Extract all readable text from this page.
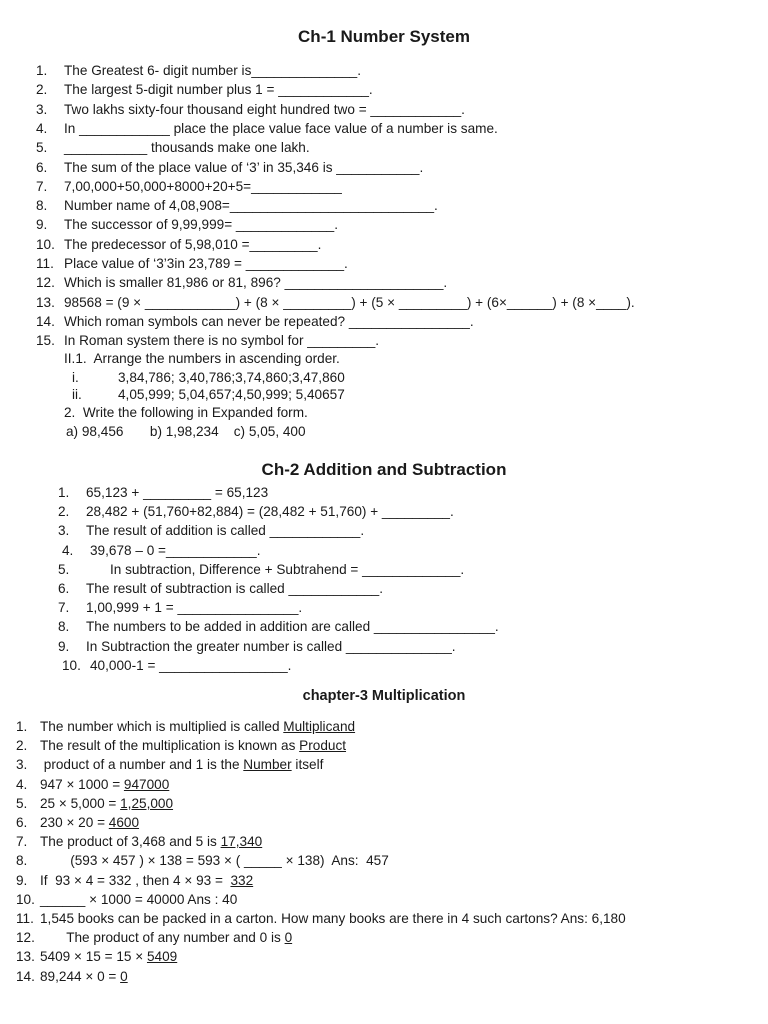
Ch-1 Number System
1. The Greatest 6- digit number is______________.
2. The largest 5-digit number plus 1 = ____________.
3. Two lakhs sixty-four thousand eight hundred two = ____________.
4. In ____________ place the place value face value of a number is same.
5. ___________ thousands make one lakh.
6. The sum of the place value of ‘3’ in 35,346 is ___________.
7. 7,00,000+50,000+8000+20+5=____________
8. Number name of 4,08,908=___________________________.
9. The successor of 9,99,999= _____________.
10. The predecessor of 5,98,010 =_________.
11. Place value of ‘3’3in 23,789 = _____________.
12. Which is smaller 81,986 or 81, 896? _____________________.
13. 98568 = (9 × ____________) + (8 × _________) + (5 × _________) + (6×______) + (8 ×____).
14. Which roman symbols can never be repeated? ________________.
15. In Roman system there is no symbol for _________.
II.1.  Arrange the numbers in ascending order.
i.	3,84,786; 3,40,786;3,74,860;3,47,860
ii.	4,05,999; 5,04,657;4,50,999; 5,40657
2.  Write the following in Expanded form.
a) 98,456       b) 1,98,234    c) 5,05, 400
Ch-2 Addition and Subtraction
1. 65,123 + _________ = 65,123
2. 28,482 + (51,760+82,884) = (28,482 + 51,760) + _________.
3. The result of addition is called ____________.
4. 39,678 – 0 =____________.
5.	In subtraction, Difference + Subtrahend = _____________.
6. The result of subtraction is called ____________.
7. 1,00,999 + 1 = ________________.
8. The numbers to be added in addition are called ________________.
9. In Subtraction the greater number is called ______________.
10. 40,000-1 = _________________.
chapter-3 Multiplication
1. The number which is multiplied is called Multiplicand
2. The result of the multiplication is known as Product
3. product of a number and 1 is the Number itself
4. 947 × 1000 = 947000
5. 25 × 5,000 = 1,25,000
6. 230 × 20 = 4600
7. The product of 3,468 and 5 is 17,340
8.        (593 × 457 ) × 138 = 593 × ( _____ × 138)  Ans:  457
9. If  93 × 4 = 332 , then 4 × 93 =  332
10. ______ × 1000 = 40000 Ans : 40
11. 1,545 books can be packed in a carton. How many books are there in 4 such cartons? Ans: 6,180
12.       The product of any number and 0 is 0
13. 5409 × 15 = 15 × 5409
14. 89,244 × 0 = 0
